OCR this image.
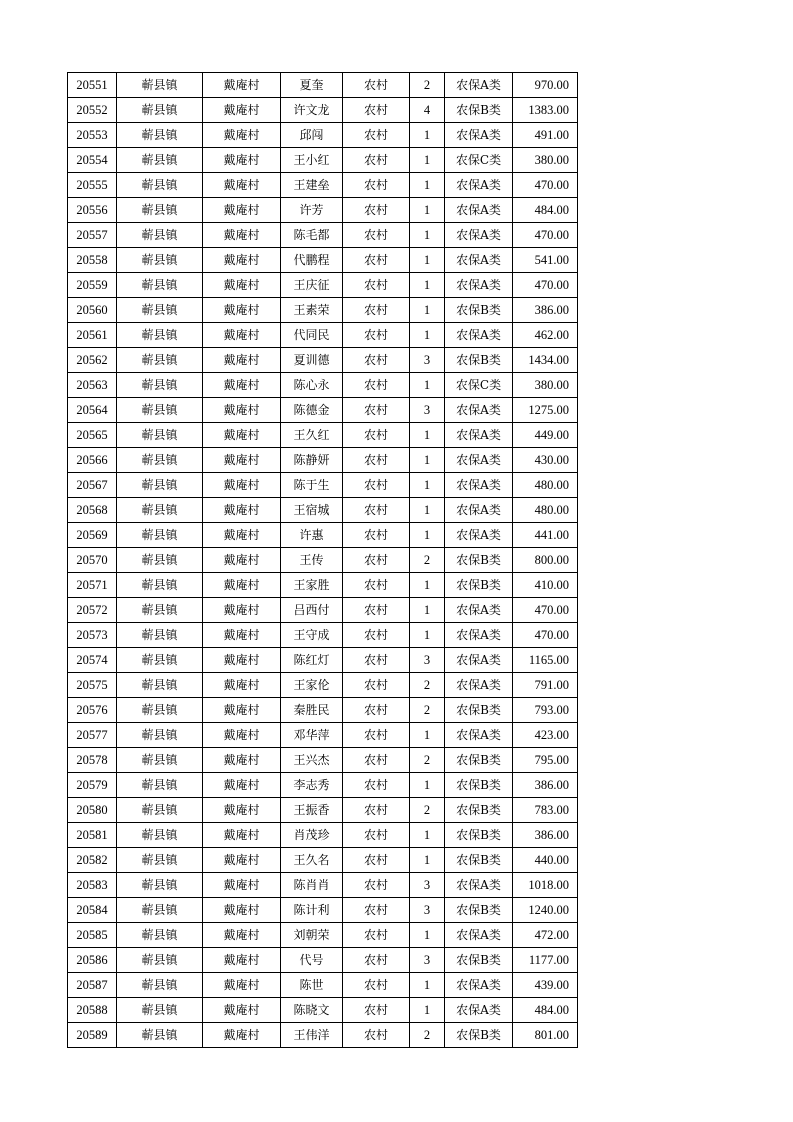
20551	蕲县镇	戴庵村	夏奎	农村	2	农保A类	970.00
20552	蕲县镇	戴庵村	许文龙	农村	4	农保B类	1383.00
20553	蕲县镇	戴庵村	邱闯	农村	1	农保A类	491.00
20554	蕲县镇	戴庵村	王小红	农村	1	农保C类	380.00
20555	蕲县镇	戴庵村	王建垒	农村	1	农保A类	470.00
20556	蕲县镇	戴庵村	许芳	农村	1	农保A类	484.00
20557	蕲县镇	戴庵村	陈毛都	农村	1	农保A类	470.00
20558	蕲县镇	戴庵村	代鹏程	农村	1	农保A类	541.00
20559	蕲县镇	戴庵村	王庆征	农村	1	农保A类	470.00
20560	蕲县镇	戴庵村	王素荣	农村	1	农保B类	386.00
20561	蕲县镇	戴庵村	代同民	农村	1	农保A类	462.00
20562	蕲县镇	戴庵村	夏训德	农村	3	农保B类	1434.00
20563	蕲县镇	戴庵村	陈心永	农村	1	农保C类	380.00
20564	蕲县镇	戴庵村	陈德金	农村	3	农保A类	1275.00
20565	蕲县镇	戴庵村	王久红	农村	1	农保A类	449.00
20566	蕲县镇	戴庵村	陈静妍	农村	1	农保A类	430.00
20567	蕲县镇	戴庵村	陈于生	农村	1	农保A类	480.00
20568	蕲县镇	戴庵村	王宿城	农村	1	农保A类	480.00
20569	蕲县镇	戴庵村	许惠	农村	1	农保A类	441.00
20570	蕲县镇	戴庵村	王传	农村	2	农保B类	800.00
20571	蕲县镇	戴庵村	王家胜	农村	1	农保B类	410.00
20572	蕲县镇	戴庵村	吕西付	农村	1	农保A类	470.00
20573	蕲县镇	戴庵村	王守成	农村	1	农保A类	470.00
20574	蕲县镇	戴庵村	陈红灯	农村	3	农保A类	1165.00
20575	蕲县镇	戴庵村	王家伦	农村	2	农保A类	791.00
20576	蕲县镇	戴庵村	秦胜民	农村	2	农保B类	793.00
20577	蕲县镇	戴庵村	邓华萍	农村	1	农保A类	423.00
20578	蕲县镇	戴庵村	王兴杰	农村	2	农保B类	795.00
20579	蕲县镇	戴庵村	李志秀	农村	1	农保B类	386.00
20580	蕲县镇	戴庵村	王振香	农村	2	农保B类	783.00
20581	蕲县镇	戴庵村	肖茂珍	农村	1	农保B类	386.00
20582	蕲县镇	戴庵村	王久名	农村	1	农保B类	440.00
20583	蕲县镇	戴庵村	陈肖肖	农村	3	农保A类	1018.00
20584	蕲县镇	戴庵村	陈计利	农村	3	农保B类	1240.00
20585	蕲县镇	戴庵村	刘朝荣	农村	1	农保A类	472.00
20586	蕲县镇	戴庵村	代号	农村	3	农保B类	1177.00
20587	蕲县镇	戴庵村	陈世	农村	1	农保A类	439.00
20588	蕲县镇	戴庵村	陈晓文	农村	1	农保A类	484.00
20589	蕲县镇	戴庵村	王伟洋	农村	2	农保B类	801.00
